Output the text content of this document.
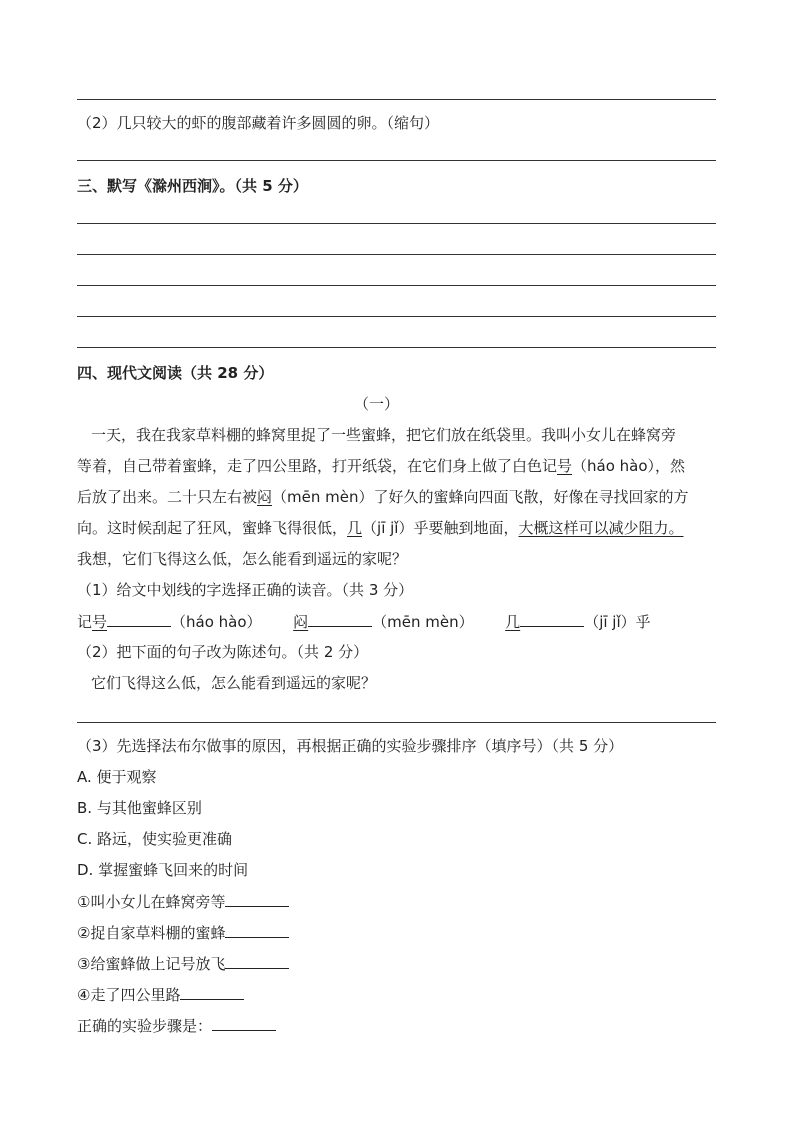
（2）几只较大的虾的腹部藏着许多圆圆的卵。（缩句）
三、默写《滁州西涧》。（共 5 分）
四、现代文阅读（共 28 分）
（一）
一天，我在我家草料棚的蜂窝里捉了一些蜜蜂，把它们放在纸袋里。我叫小女儿在蜂窝旁
等着，自己带着蜜蜂，走了四公里路，打开纸袋，在它们身上做了白色记号（háo hào），然
后放了出来。二十只左右被闷（mēn mèn）了好久的蜜蜂向四面飞散，好像在寻找回家的方
向。这时候刮起了狂风，蜜蜂飞得很低，几（jī jǐ）乎要触到地面，大概这样可以减少阻力。
我想，它们飞得这么低，怎么能看到遥远的家呢？
（1）给文中划线的字选择正确的读音。（共 3 分）
记号	（háo hào） 闷	（mēn mèn） 几	（jī jǐ）乎
（2）把下面的句子改为陈述句。（共 2 分）
它们飞得这么低，怎么能看到遥远的家呢？
（3）先选择法布尔做事的原因，再根据正确的实验步骤排序（填序号）（共 5 分）
A. 便于观察
B. 与其他蜜蜂区别
C. 路远，使实验更准确
D. 掌握蜜蜂飞回来的时间
①叫小女儿在蜂窝旁等
②捉自家草料棚的蜜蜂
③给蜜蜂做上记号放飞
④走了四公里路
正确的实验步骤是：
